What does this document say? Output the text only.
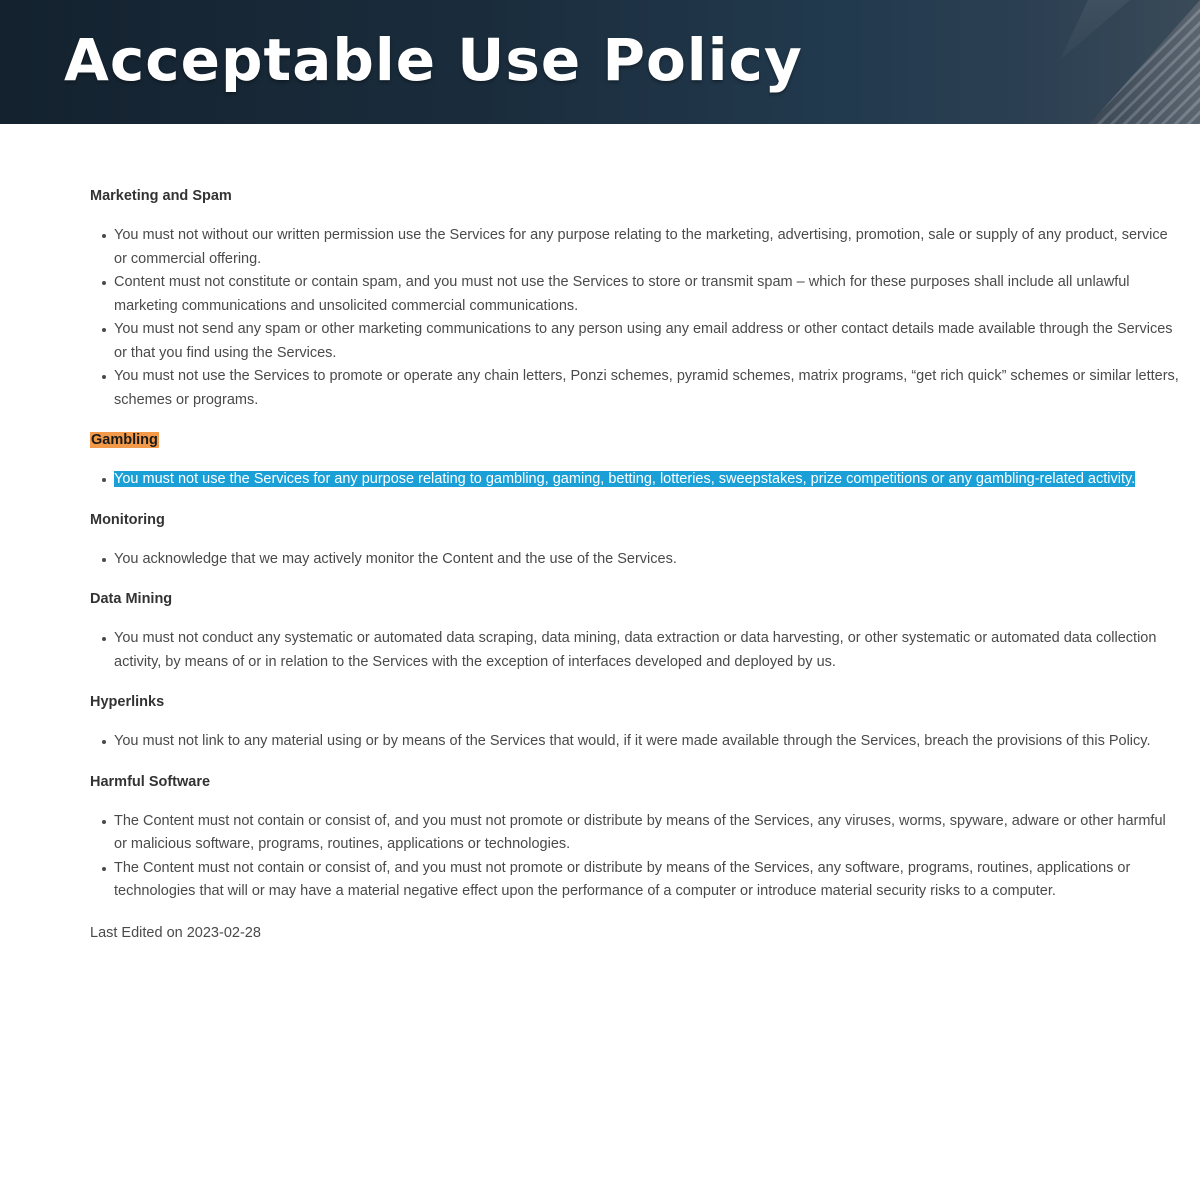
Acceptable Use Policy
Marketing and Spam
You must not without our written permission use the Services for any purpose relating to the marketing, advertising, promotion, sale or supply of any product, service or commercial offering.
Content must not constitute or contain spam, and you must not use the Services to store or transmit spam – which for these purposes shall include all unlawful marketing communications and unsolicited commercial communications.
You must not send any spam or other marketing communications to any person using any email address or other contact details made available through the Services or that you find using the Services.
You must not use the Services to promote or operate any chain letters, Ponzi schemes, pyramid schemes, matrix programs, “get rich quick” schemes or similar letters, schemes or programs.
Gambling
You must not use the Services for any purpose relating to gambling, gaming, betting, lotteries, sweepstakes, prize competitions or any gambling-related activity.
Monitoring
You acknowledge that we may actively monitor the Content and the use of the Services.
Data Mining
You must not conduct any systematic or automated data scraping, data mining, data extraction or data harvesting, or other systematic or automated data collection activity, by means of or in relation to the Services with the exception of interfaces developed and deployed by us.
Hyperlinks
You must not link to any material using or by means of the Services that would, if it were made available through the Services, breach the provisions of this Policy.
Harmful Software
The Content must not contain or consist of, and you must not promote or distribute by means of the Services, any viruses, worms, spyware, adware or other harmful or malicious software, programs, routines, applications or technologies.
The Content must not contain or consist of, and you must not promote or distribute by means of the Services, any software, programs, routines, applications or technologies that will or may have a material negative effect upon the performance of a computer or introduce material security risks to a computer.
Last Edited on 2023-02-28
